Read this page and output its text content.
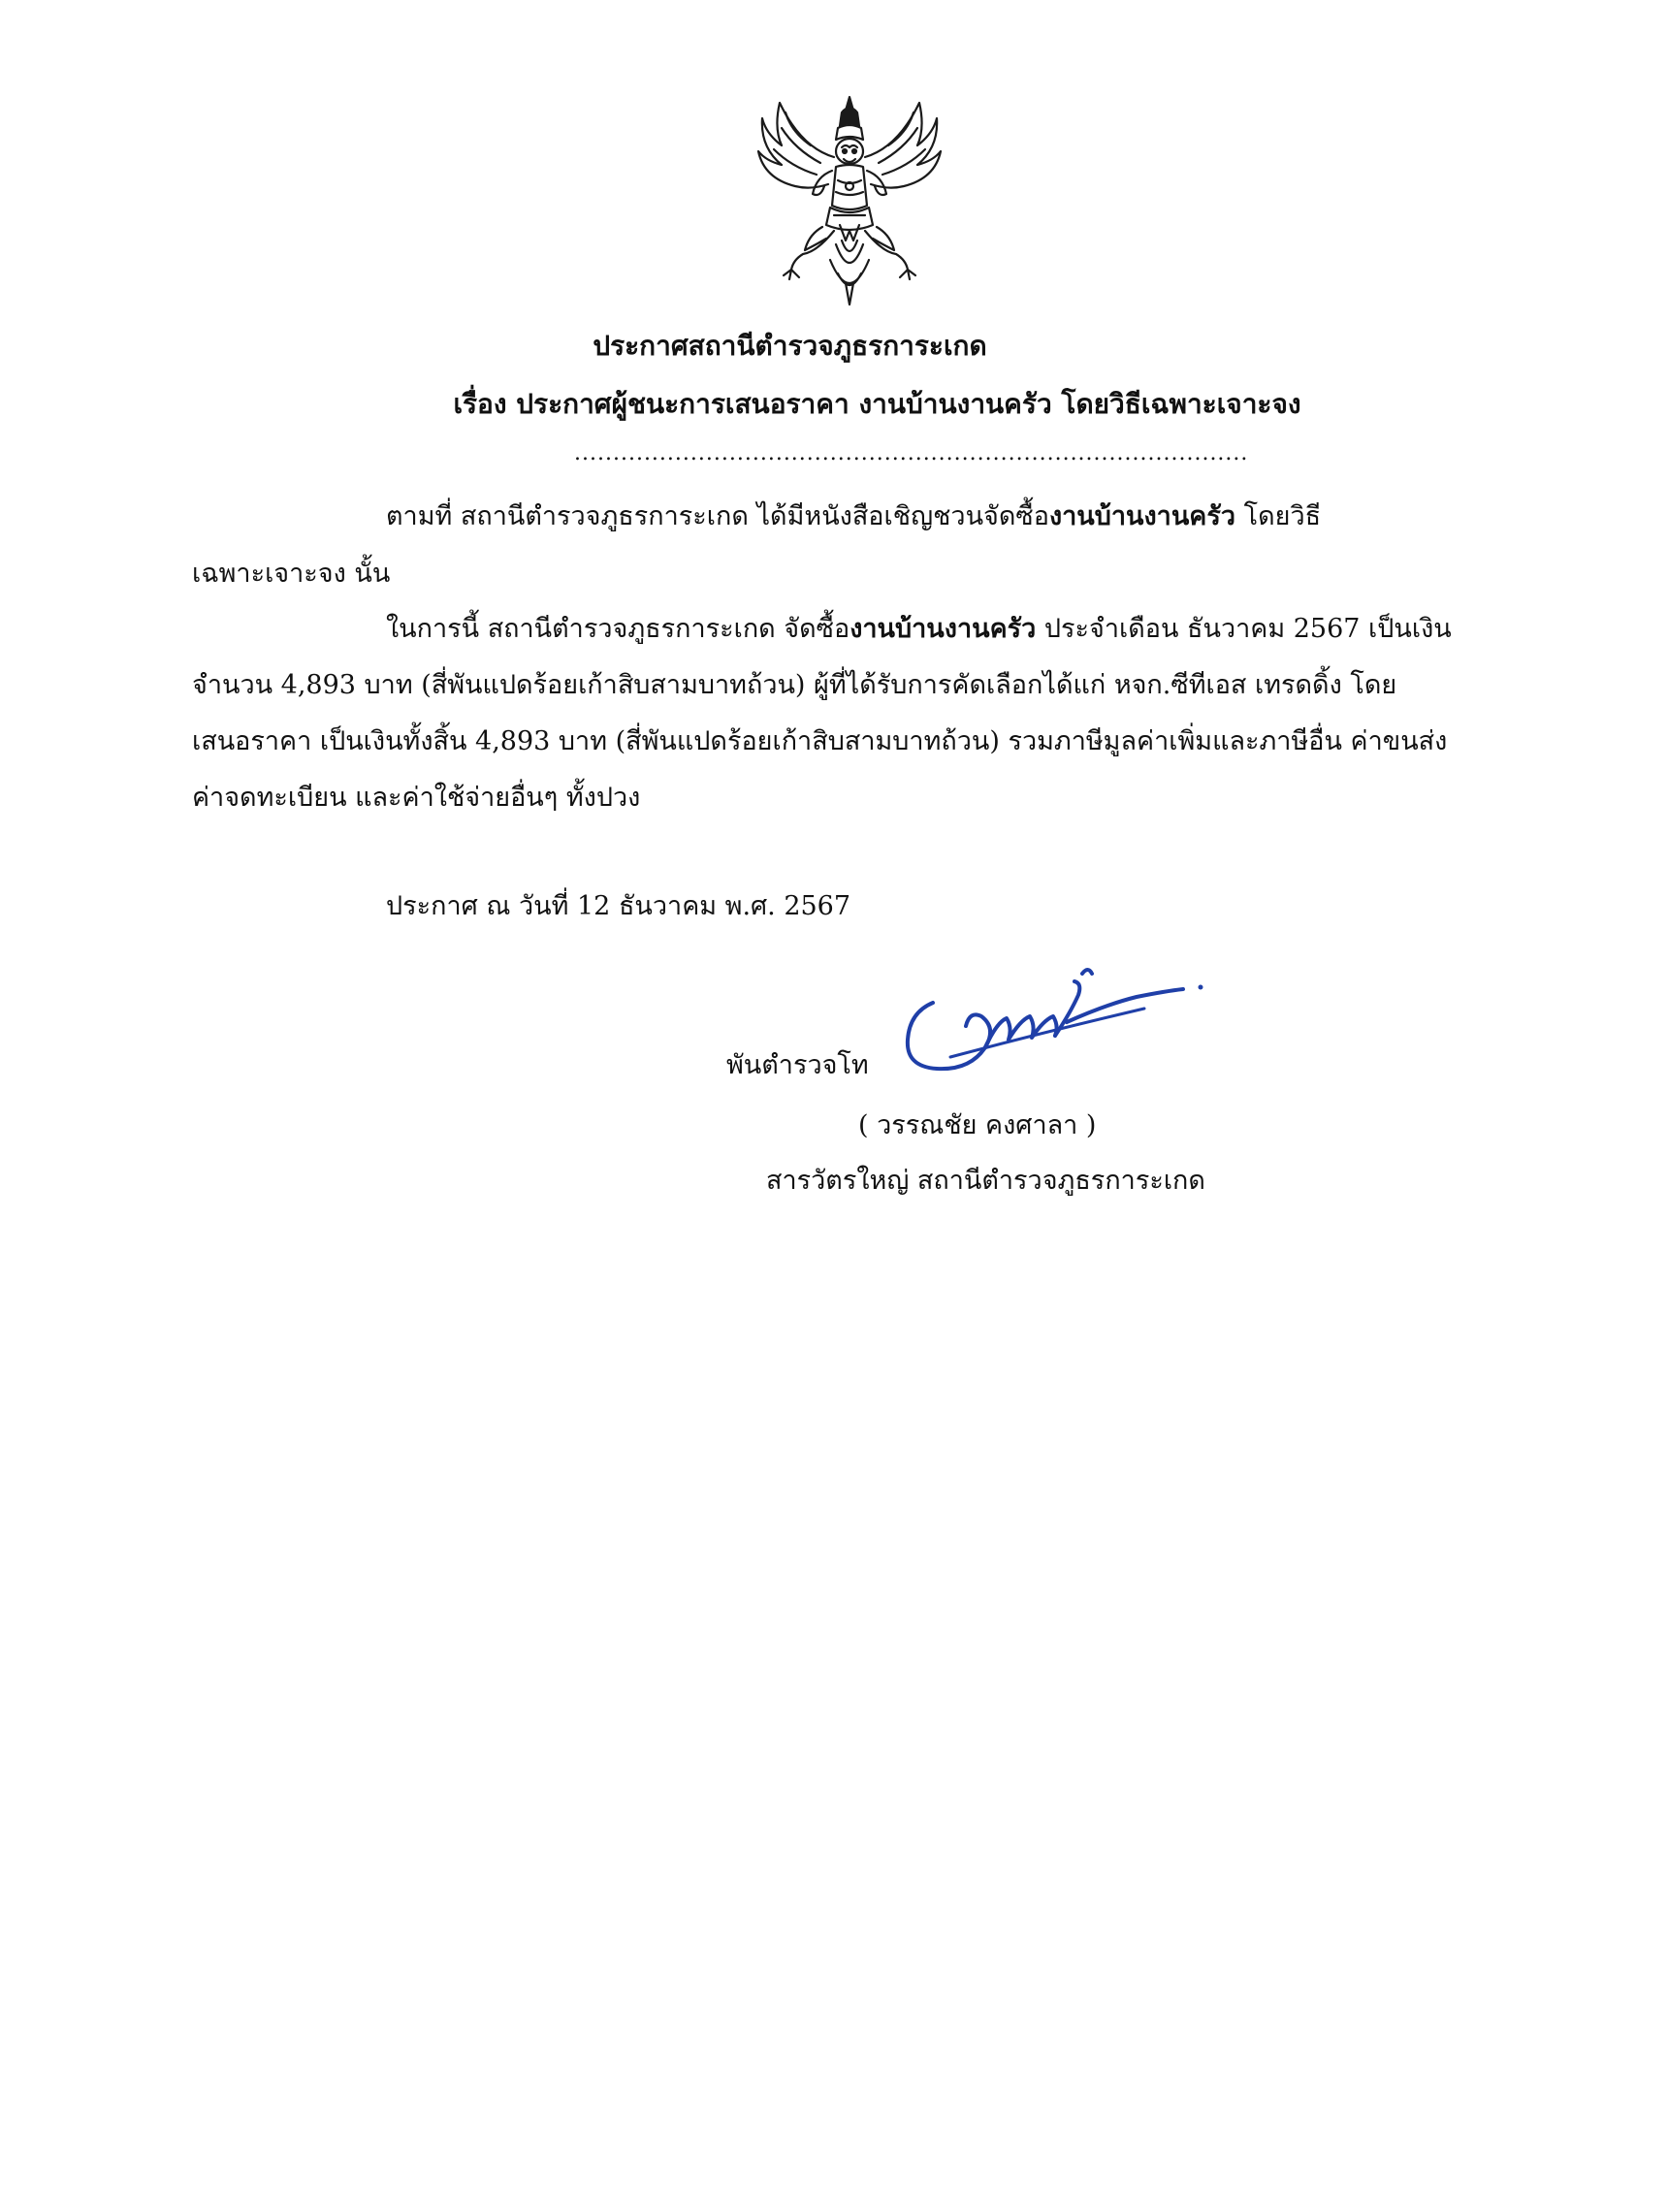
ประกาศสถานีตำรวจภูธรการะเกด
เรื่อง ประกาศผู้ชนะการเสนอราคา งานบ้านงานครัว โดยวิธีเฉพาะเจาะจง
.......................................................................................
ตามที่ สถานีตำรวจภูธรการะเกด ได้มีหนังสือเชิญชวนจัดซื้องานบ้านงานครัว โดยวิธี
เฉพาะเจาะจง นั้น
ในการนี้ สถานีตำรวจภูธรการะเกด จัดซื้องานบ้านงานครัว ประจำเดือน ธันวาคม 2567 เป็นเงิน
จำนวน 4,893 บาท (สี่พันแปดร้อยเก้าสิบสามบาทถ้วน) ผู้ที่ได้รับการคัดเลือกได้แก่ หจก.ซีทีเอส เทรดดิ้ง โดย
เสนอราคา เป็นเงินทั้งสิ้น 4,893 บาท (สี่พันแปดร้อยเก้าสิบสามบาทถ้วน) รวมภาษีมูลค่าเพิ่มและภาษีอื่น ค่าขนส่ง
ค่าจดทะเบียน และค่าใช้จ่ายอื่นๆ ทั้งปวง
ประกาศ ณ วันที่ 12 ธันวาคม พ.ศ. 2567
พันตำรวจโท
( วรรณชัย คงศาลา )
สารวัตรใหญ่ สถานีตำรวจภูธรการะเกด
